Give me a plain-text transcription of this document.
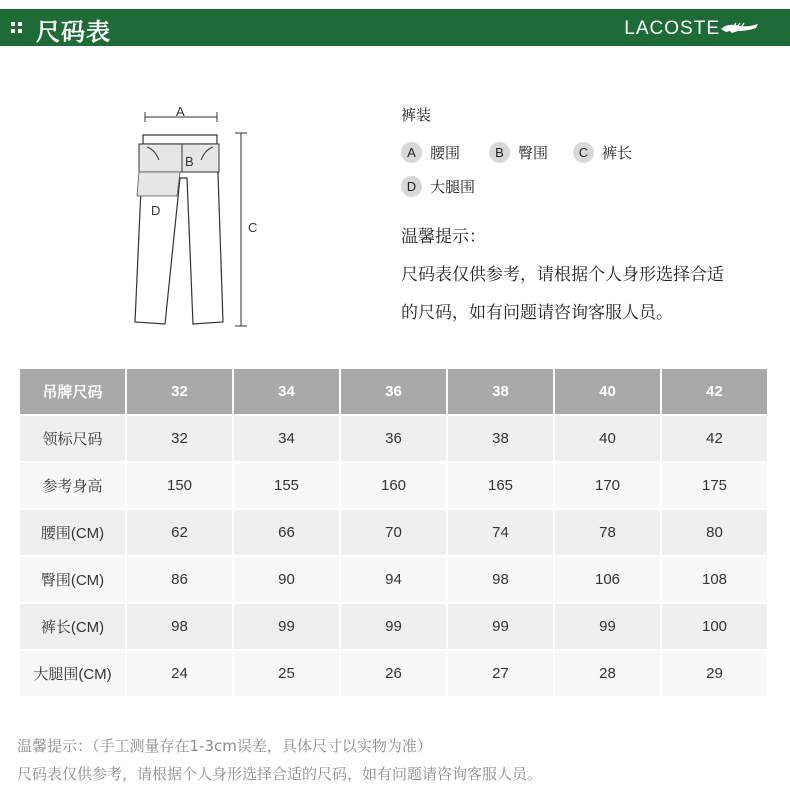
尺码表	LACOSTE
A
B
D
C
裤装
A 腰围	B 臀围	C 裤长
D 大腿围
温馨提示：
尺码表仅供参考，请根据个人身形选择合适
的尺码，如有问题请咨询客服人员。
吊牌尺码	32	34	36	38	40	42
领标尺码	32	34	36	38	40	42
参考身高	150	155	160	165	170	175
腰围(CM)	62	66	70	74	78	80
臀围(CM)	86	90	94	98	106	108
裤长(CM)	98	99	99	99	99	100
大腿围(CM)	24	25	26	27	28	29
温馨提示：（手工测量存在1-3cm误差，具体尺寸以实物为准）
尺码表仅供参考，请根据个人身形选择合适的尺码，如有问题请咨询客服人员。
